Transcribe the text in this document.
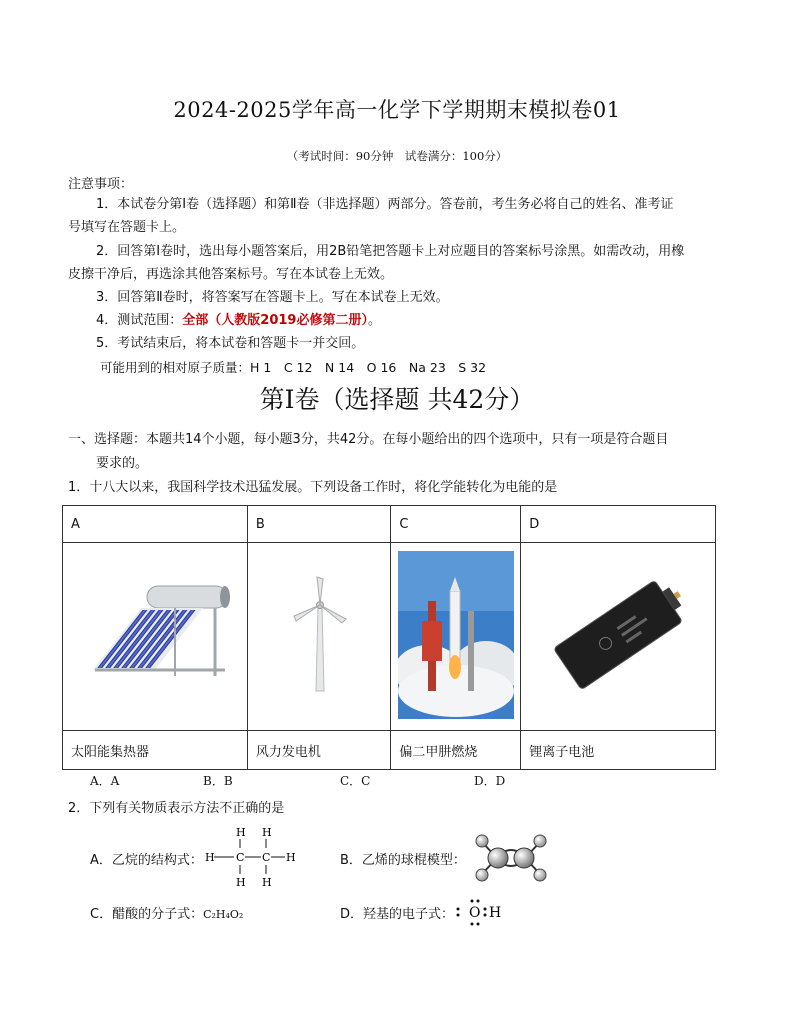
2024-2025学年高一化学下学期期末模拟卷01
（考试时间：90分钟　试卷满分：100分）
注意事项：
1．本试卷分第Ⅰ卷（选择题）和第Ⅱ卷（非选择题）两部分。答卷前，考生务必将自己的姓名、准考证
号填写在答题卡上。
2．回答第Ⅰ卷时，选出每小题答案后，用2B铅笔把答题卡上对应题目的答案标号涂黑。如需改动，用橡
皮擦干净后，再选涂其他答案标号。写在本试卷上无效。
3．回答第Ⅱ卷时，将答案写在答题卡上。写在本试卷上无效。
4．测试范围：全部（人教版2019必修第二册）。
5．考试结束后，将本试卷和答题卡一并交回。
可能用到的相对原子质量：H 1　C 12　N 14　O 16　Na 23　S 32
第Ⅰ卷（选择题 共42分）
一、选择题：本题共14个小题，每小题3分，共42分。在每小题给出的四个选项中，只有一项是符合题目
要求的。
1．十八大以来，我国科学技术迅猛发展。下列设备工作时，将化学能转化为电能的是
A	B	C	D

太阳能集热器	风力发电机	偏二甲肼燃烧	锂离子电池
A．A	B．B	C．C	D．D
2．下列有关物质表示方法不正确的是
A．乙烷的结构式：
H H
H C C H
H H
B．乙烯的球棍模型：
C．醋酸的分子式：C₂H₄O₂	D．羟基的电子式： O H
